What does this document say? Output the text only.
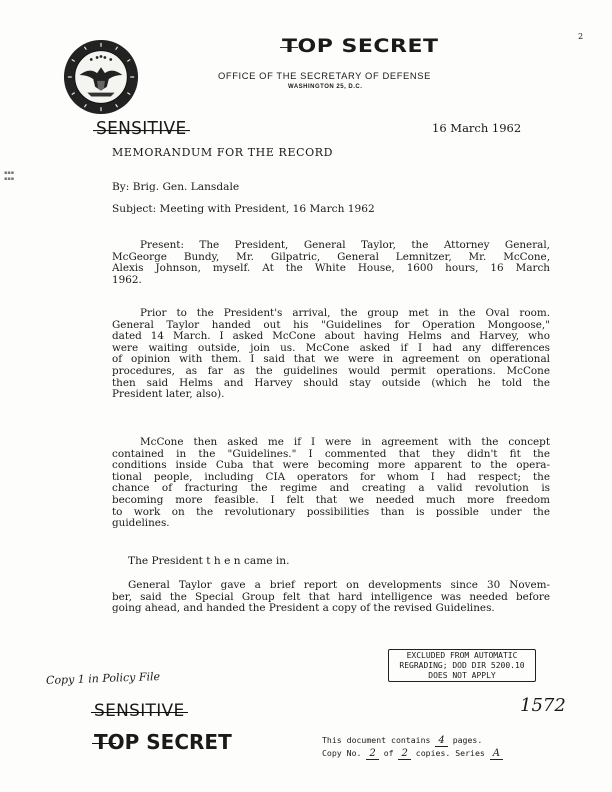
2
TOP SECRET
OFFICE OF THE SECRETARY OF DEFENSE
WASHINGTON 25, D.C.
SENSITIVE	16 March 1962
▪▪▪
▪▪▪
MEMORANDUM FOR THE RECORD
By: Brig. Gen. Lansdale
Subject: Meeting with President, 16 March 1962
Present: The President, General Taylor, the Attorney General,
McGeorge Bundy, Mr. Gilpatric, General Lemnitzer, Mr. McCone,
Alexis Johnson, myself. At the White House, 1600 hours, 16 March
1962.
Prior to the President's arrival, the group met in the Oval room.
General Taylor handed out his "Guidelines for Operation Mongoose,"
dated 14 March. I asked McCone about having Helms and Harvey, who
were waiting outside, join us. McCone asked if I had any differences
of opinion with them. I said that we were in agreement on operational
procedures, as far as the guidelines would permit operations. McCone
then said Helms and Harvey should stay outside (which he told the
President later, also).
McCone then asked me if I were in agreement with the concept
contained in the "Guidelines." I commented that they didn't fit the
conditions inside Cuba that were becoming more apparent to the opera-
tional people, including CIA operators for whom I had respect; the
chance of fracturing the regime and creating a valid revolution is
becoming more feasible. I felt that we needed much more freedom
to work on the revolutionary possibilities than is possible under the
guidelines.
The President t h e n came in.
General Taylor gave a brief report on developments since 30 Novem-
ber, said the Special Group felt that hard intelligence was needed before
going ahead, and handed the President a copy of the revised Guidelines.
EXCLUDED FROM AUTOMATIC
REGRADING; DOD DIR 5200.10
DOES NOT APPLY
Copy 1 in Policy File
1572
SENSITIVE
TOP SECRET	This document contains 4 pages.
Copy No. 2 of 2 copies. Series A
